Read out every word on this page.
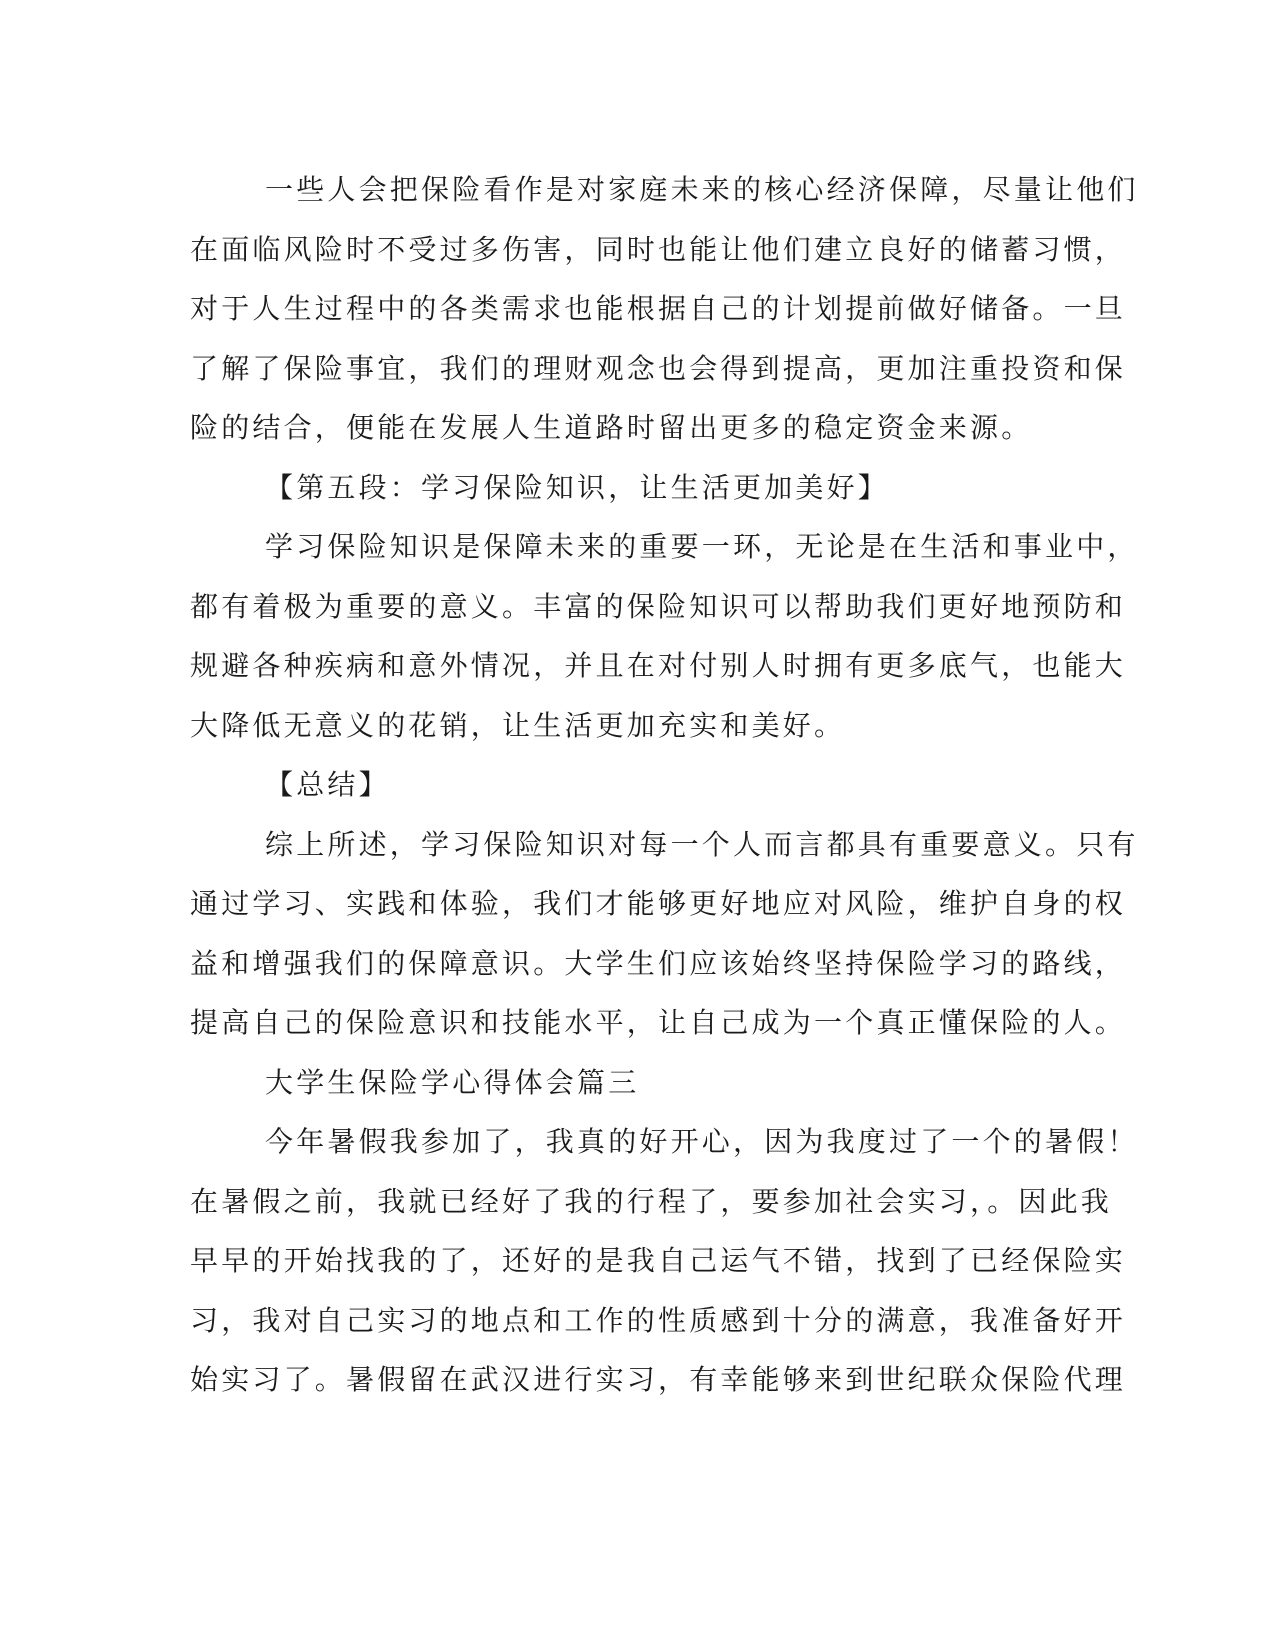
一些人会把保险看作是对家庭未来的核心经济保障，尽量让他们
在面临风险时不受过多伤害，同时也能让他们建立良好的储蓄习惯，
对于人生过程中的各类需求也能根据自己的计划提前做好储备。一旦
了解了保险事宜，我们的理财观念也会得到提高，更加注重投资和保
险的结合，便能在发展人生道路时留出更多的稳定资金来源。

【第五段：学习保险知识，让生活更加美好】

学习保险知识是保障未来的重要一环，无论是在生活和事业中，
都有着极为重要的意义。丰富的保险知识可以帮助我们更好地预防和
规避各种疾病和意外情况，并且在对付别人时拥有更多底气，也能大
大降低无意义的花销，让生活更加充实和美好。

【总结】

综上所述，学习保险知识对每一个人而言都具有重要意义。只有
通过学习、实践和体验，我们才能够更好地应对风险，维护自身的权
益和增强我们的保障意识。大学生们应该始终坚持保险学习的路线，
提高自己的保险意识和技能水平，让自己成为一个真正懂保险的人。

大学生保险学心得体会篇三

今年暑假我参加了，我真的好开心，因为我度过了一个的暑假！
在暑假之前，我就已经好了我的行程了，要参加社会实习，。因此我
早早的开始找我的了，还好的是我自己运气不错，找到了已经保险实
习，我对自己实习的地点和工作的性质感到十分的满意，我准备好开
始实习了。暑假留在武汉进行实习，有幸能够来到世纪联众保险代理
